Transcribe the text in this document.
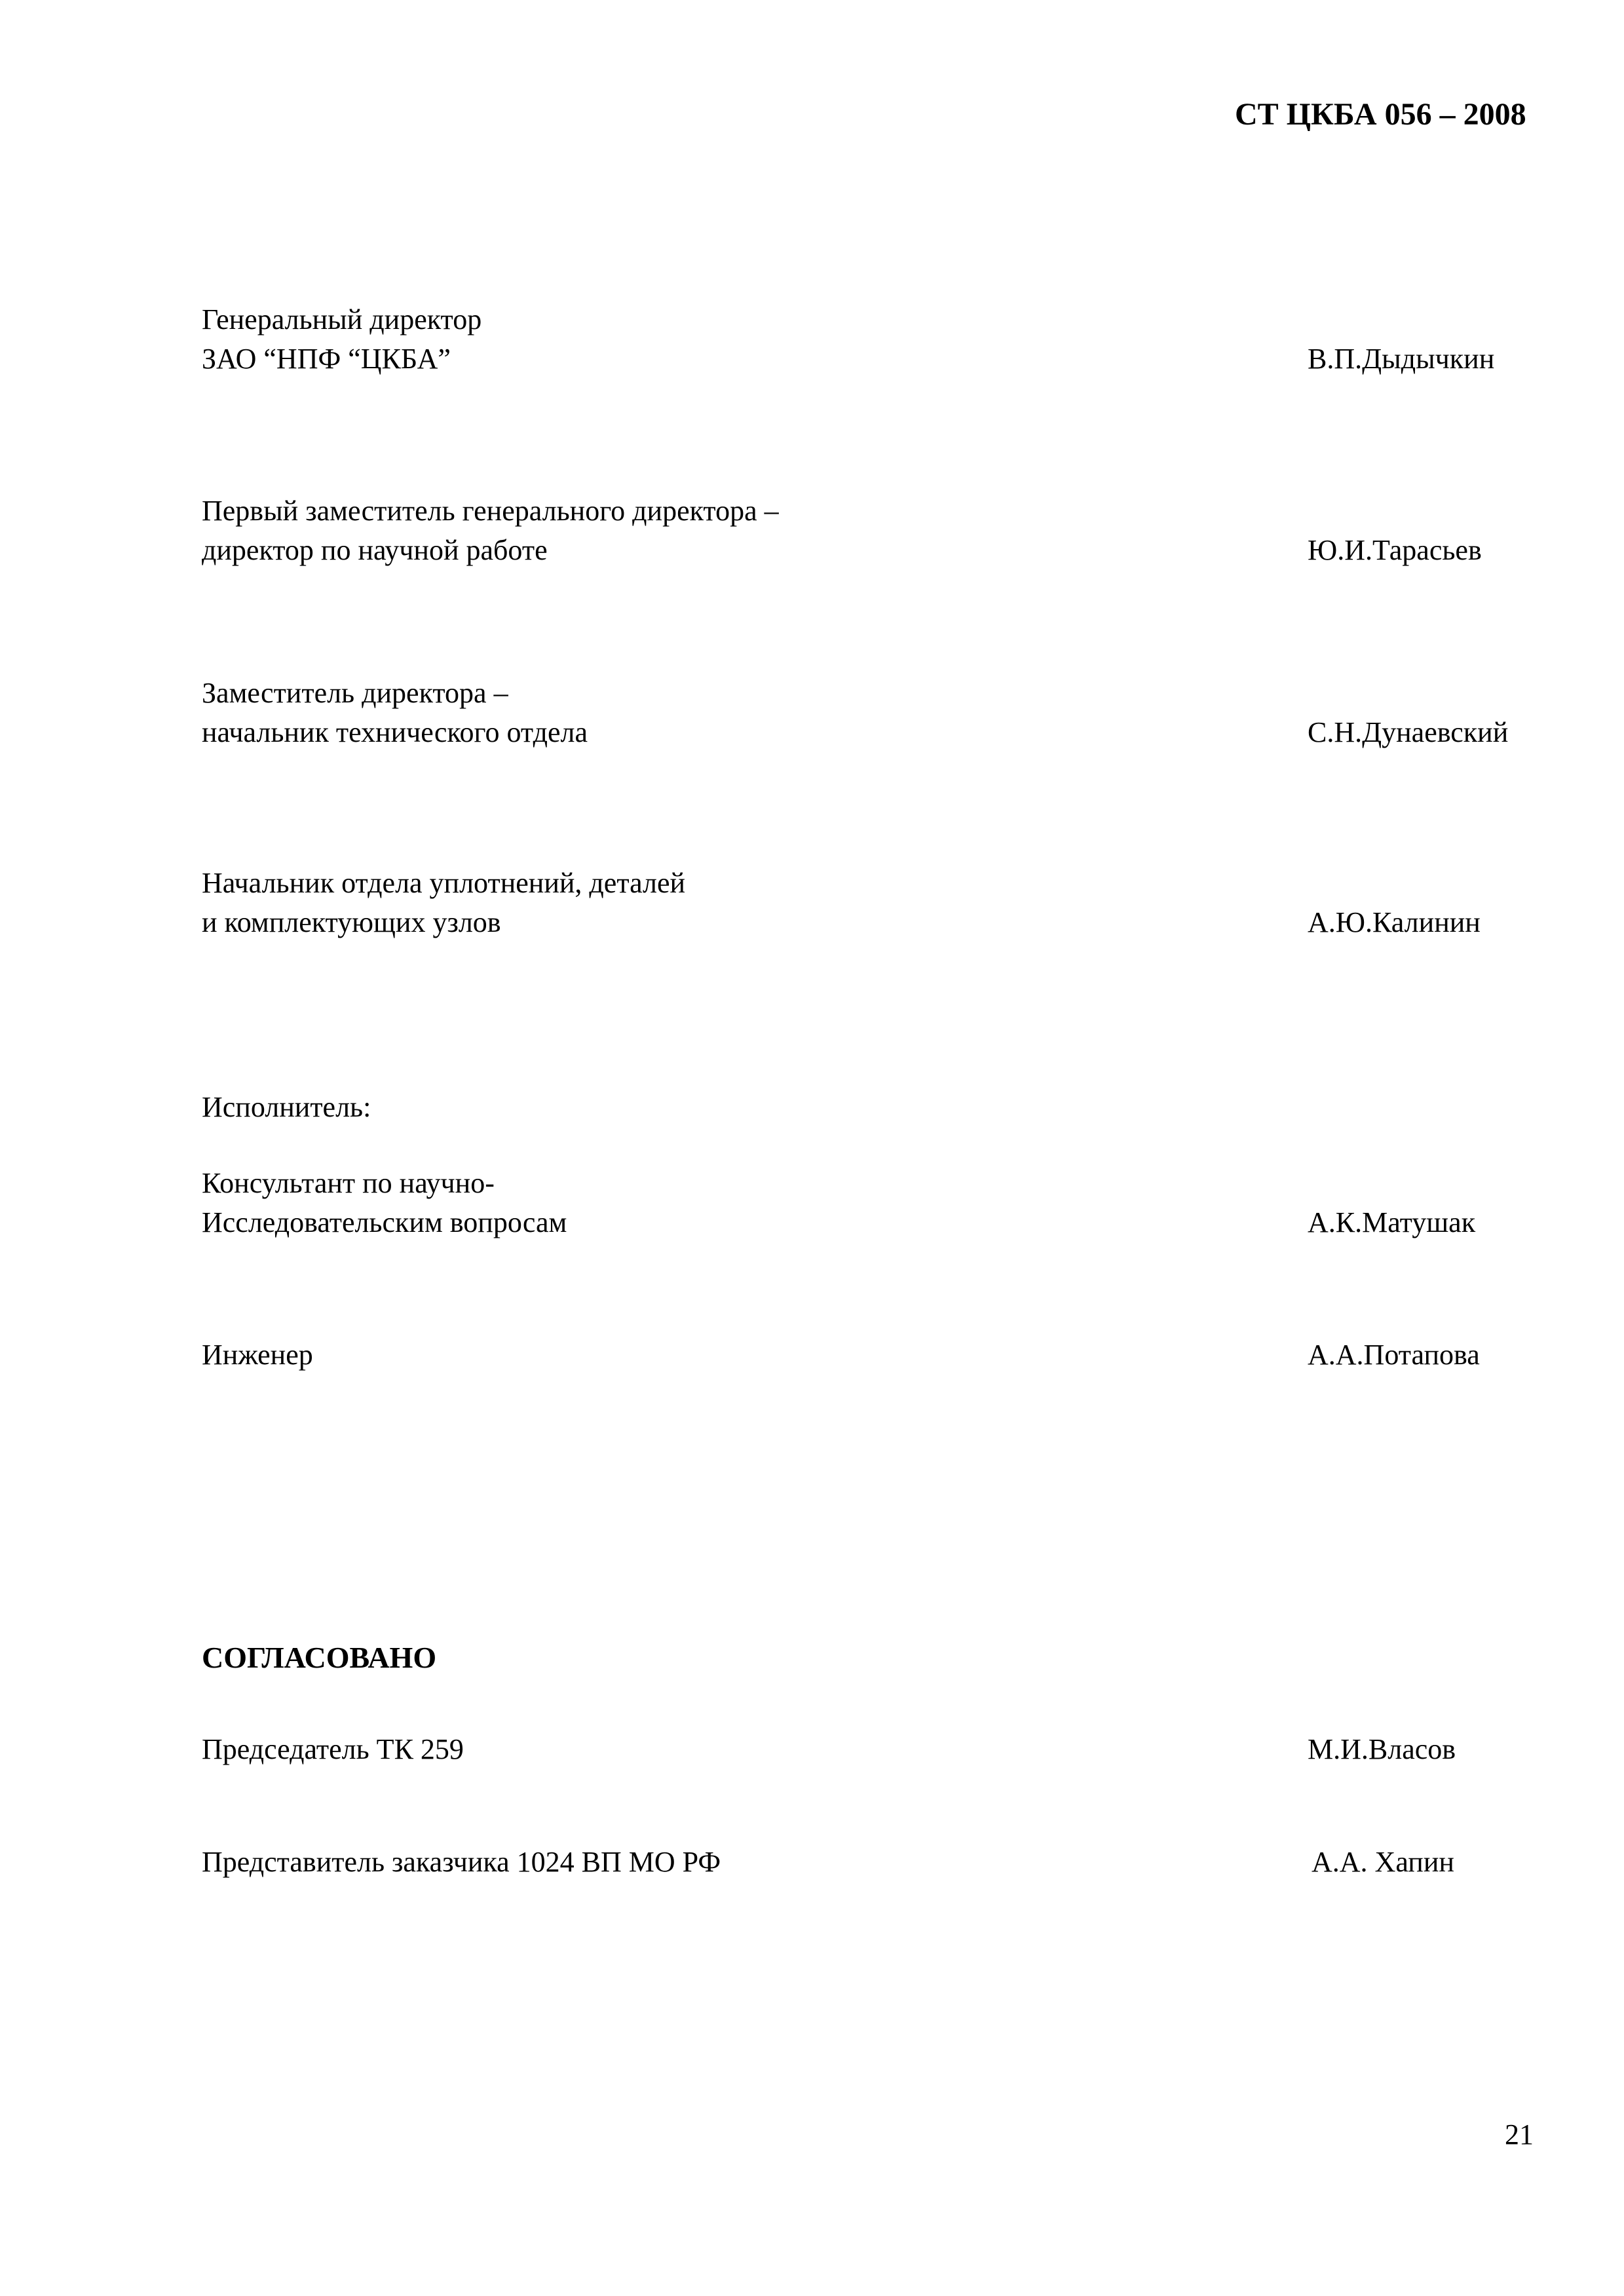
СТ ЦКБА 056 – 2008
Генеральный директор
ЗАО “НПФ “ЦКБА”	В.П.Дыдычкин
Первый заместитель генерального директора –
директор по научной работе	Ю.И.Тарасьев
Заместитель директора –
начальник технического отдела	С.Н.Дунаевский
Начальник отдела уплотнений, деталей
и комплектующих узлов	А.Ю.Калинин
Исполнитель:
Консультант по научно-
Исследовательским вопросам	А.К.Матушак
Инженер	А.А.Потапова
СОГЛАСОВАНО
Председатель ТК 259	М.И.Власов
Представитель заказчика 1024 ВП МО РФ	А.А. Хапин
21
